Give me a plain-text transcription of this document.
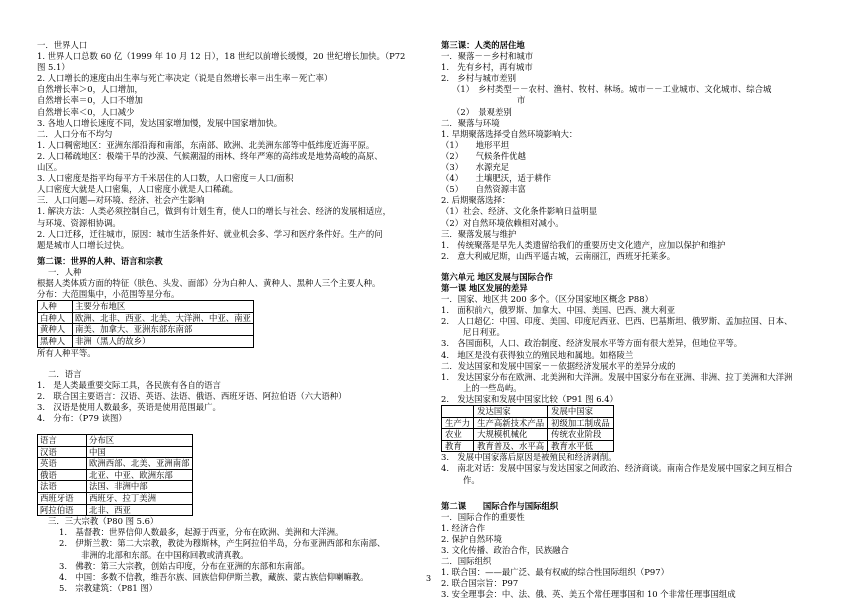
一．世界人口
1. 世界人口总数 60 亿（1999 年 10 月 12 日），18 世纪以前增长缓慢，20 世纪增长加快。（P72
图 5.1）
2. 人口增长的速度由出生率与死亡率决定（说是自然增长率＝出生率－死亡率）
自然增长率＞0，人口增加，
自然增长率＝0，人口不增加
自然增长率＜0，人口减少
3. 各地人口增长速度不同，发达国家增加慢，发展中国家增加快。
二．人口分布不均匀
1. 人口稠密地区：亚洲东部沿海和南部，东南部、欧洲、北美洲东部等中低纬度近海平原。
2. 人口稀疏地区：极端干旱的沙漠、气候潮湿的雨林、终年严寒的高纬或是地势高峻的高原、
山区。
3. 人口密度是指平均每平方千米居住的人口数，人口密度＝人口/面积
人口密度大就是人口密集，人口密度小就是人口稀疏。
三．人口问题—对环境、经济、社会产生影响
1. 解决方法：人类必须控制自己，做到有计划生育，使人口的增长与社会、经济的发展相适应，
与环境、资源相协调。
2. 人口迁移，迁往城市，原因：城市生活条件好、就业机会多、学习和医疗条件好。生产的问
题是城市人口增长过快。
第二课：世界的人种、语言和宗教
一．人种
根据人类体质方面的特征（肤色、头发、面部）分为白种人、黄种人、黑种人三个主要人种。
分布：大范围集中，小范围等星分布。
人种	主要分布地区
白种人	欧洲、北非、西亚、北美、大洋洲、中亚、南亚
黄种人	南美、加拿大、亚洲东部东南部
黑种人	非洲（黑人的故乡）
所有人种平等。
二．语言
1.　是人类最重要交际工具，各民族有各自的语言
2.　联合国主要语言：汉语、英语、法语、俄语、西班牙语、阿拉伯语（六大语种）
3.　汉语是使用人数最多，英语是使用范围最广。
4.　分布：（P79 读图）
语言	分布区
汉语	中国
英语	欧洲西部、北美、亚洲南部
俄语	北亚、中亚、欧洲东部
法语	法国、非洲中部
西班牙语	西班牙、拉丁美洲
阿拉伯语	北非、西亚
三．三大宗教（P80 图 5.6）
1.　基督教：世界信仰人数最多，起源于西亚，分布在欧洲、美洲和大洋洲。
2.　伊斯兰教：第二大宗教，教徒为穆斯林，产生阿拉伯半岛，分布亚洲西部和东南部、
非洲的北部和东部。在中国称回教或清真教。
3.　佛教：第三大宗教，创始古印度，分布在亚洲的东部和东南部。
4.　中国：多数不信教，维吾尔族、回族信仰伊斯兰教，藏族、蒙古族信仰喇嘛教。
5.　宗教建筑：（P81 图）
第三课：人类的居住地
一．聚落－－乡村和城市
1.　先有乡村，再有城市
2.　乡村与城市差别
（1）　乡村类型－－农村、渔村、牧村、林场。城市－－工业城市、文化城市、综合城
市
（2）　景观差别
二．聚落与环境
1. 早期聚落选择受自然环境影响大：
（1）　　地形平坦
（2）　　气候条件优越
（3）　　水源充足
（4）　　土壤肥沃，适于耕作
（5）　　自然资源丰富
2. 后期聚落选择：
（1）社会、经济、文化条件影响日益明显
（2）对自然环境依赖相对减小。
三．聚落发展与维护
1.　传统聚落是早先人类遗留给我们的重要历史文化遗产，应加以保护和维护
2.　意大利威尼斯，山西平遥古城，云南丽江，西班牙托莱多。
第六单元 地区发展与国际合作
第一课 地区发展的差异
一．国家、地区共 200 多个。（区分国家地区概念 P88）
1.　面积前六，俄罗斯、加拿大、中国、美国、巴西、澳大利亚
2.　人口超亿：中国、印度、美国、印度尼西亚、巴西、巴基斯坦、俄罗斯、孟加拉国、日本、
尼日利亚。
3.　各国面积，人口、政治制度、经济发展水平等方面有很大差异，但地位平等。
4.　地区是没有获得独立的殖民地和属地。如格陵兰
二．发达国家和发展中国家－－依据经济发展水平的差异分成的
1.　发达国家分布在欧洲、北美洲和大洋洲。发展中国家分布在亚洲、非洲、拉丁美洲和大洋洲
上的一些岛屿。
2.　发达国家和发展中国家比较（P91 图 6.4）
	发达国家	发展中国家
生产力	生产高新技术产品	初级加工制成品
农业	大规模机械化	传统农业阶段
教育	教育普及、水平高	教育水平低
3.　发展中国家落后原因是被殖民和经济剥削。
4.　南北对话：发展中国家与发达国家之间政治、经济商谈。南南合作是发展中国家之间互相合
作。
第二课　　国际合作与国际组织
一．国际合作的重要性
1. 经济合作
2. 保护自然环境
3. 文化传播、政治合作，民族融合
二．国际组织
1. 联合国：——最广泛、最有权威的综合性国际组织（P97）
2. 联合国宗旨：P97
3. 安全理事会：中、法、俄、英、美五个常任理事国和 10 个非常任理事国组成
3
